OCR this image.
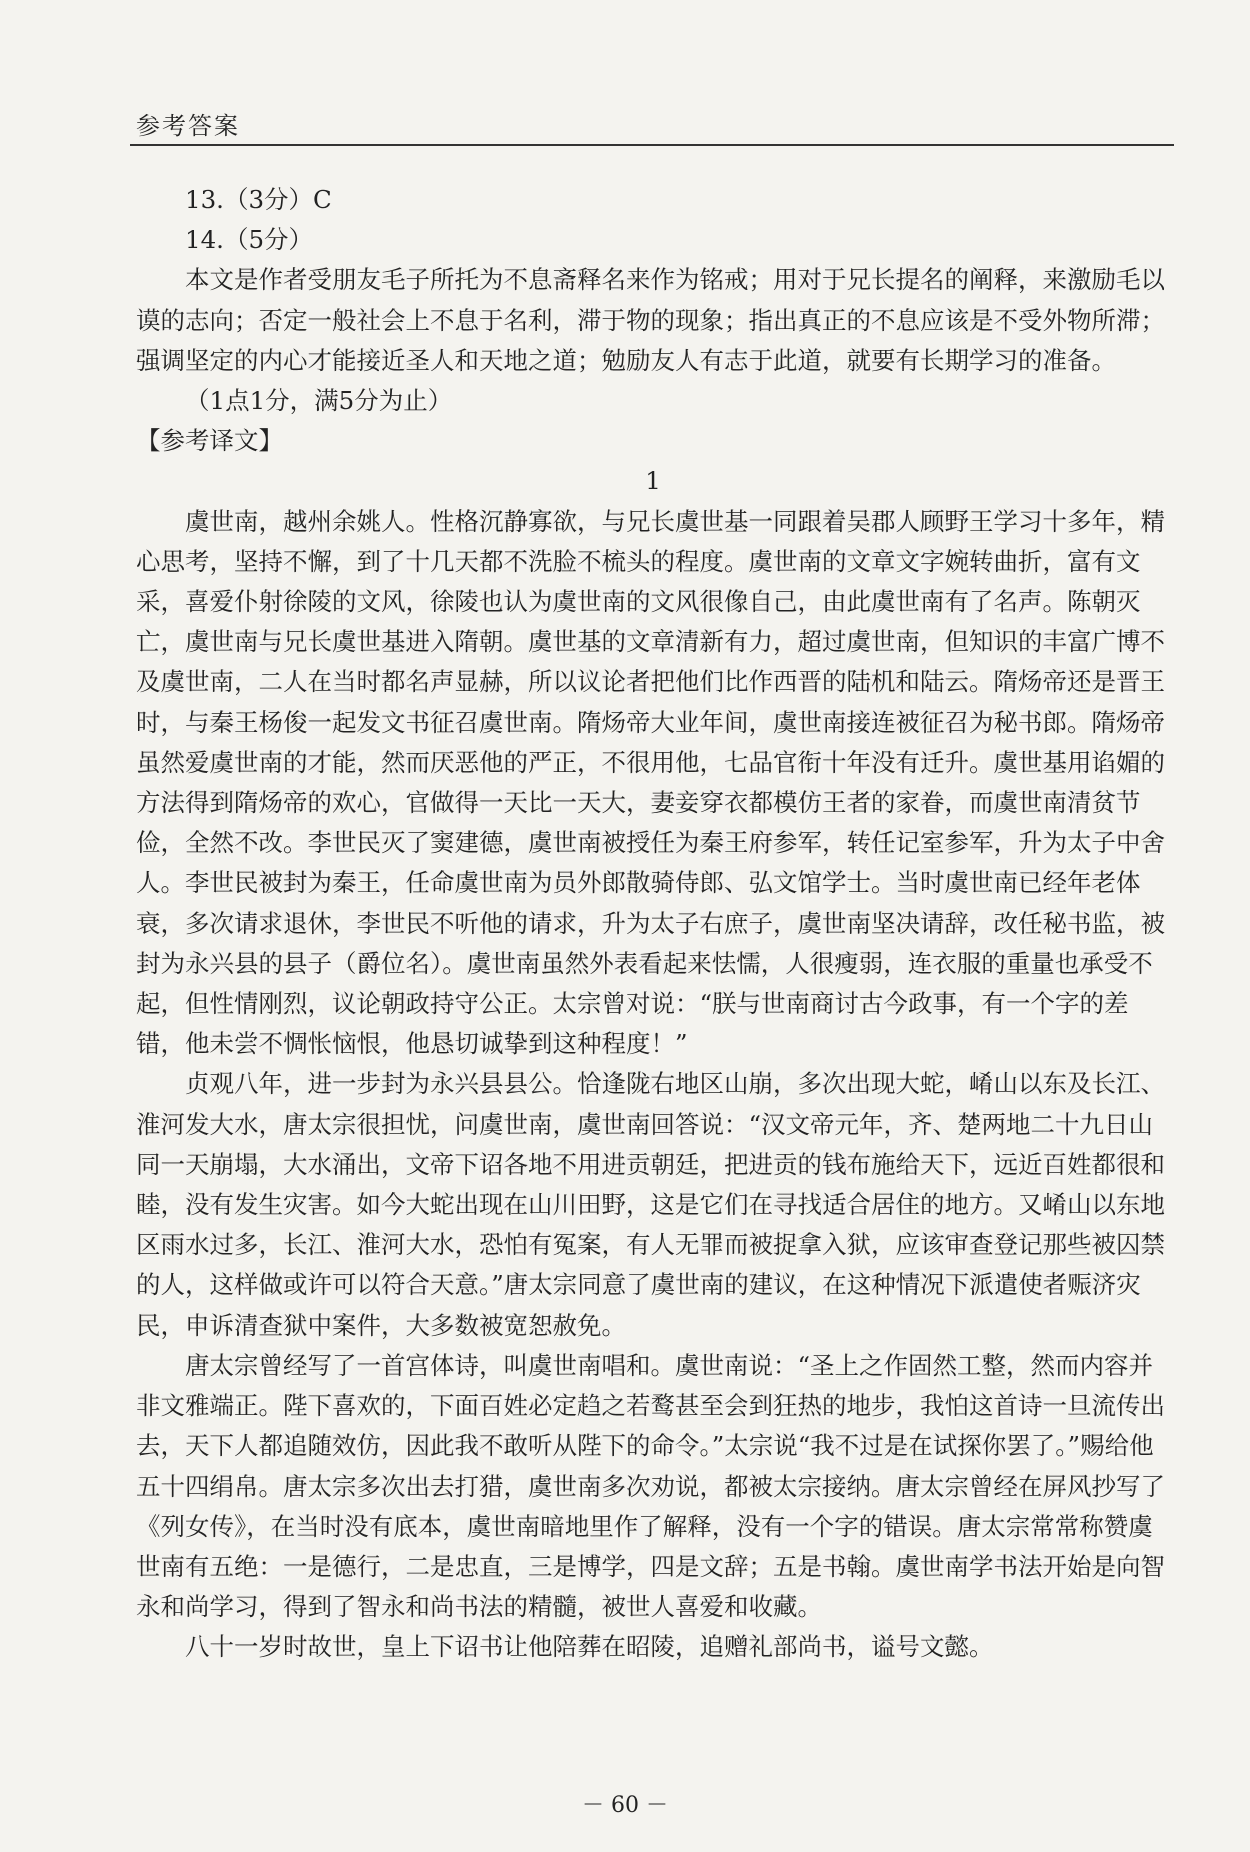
参考答案

13.（3分）C

14.（5分）

本文是作者受朋友毛子所托为不息斋释名来作为铭戒；用对于兄长提名的阐释，来激励毛以谟的志向；否定一般社会上不息于名利，滞于物的现象；指出真正的不息应该是不受外物所滞；强调坚定的内心才能接近圣人和天地之道；勉励友人有志于此道，就要有长期学习的准备。

（1点1分，满5分为止）

【参考译文】

1

虞世南，越州余姚人。性格沉静寡欲，与兄长虞世基一同跟着吴郡人顾野王学习十多年，精心思考，坚持不懈，到了十几天都不洗脸不梳头的程度。虞世南的文章文字婉转曲折，富有文采，喜爱仆射徐陵的文风，徐陵也认为虞世南的文风很像自己，由此虞世南有了名声。陈朝灭亡，虞世南与兄长虞世基进入隋朝。虞世基的文章清新有力，超过虞世南，但知识的丰富广博不及虞世南，二人在当时都名声显赫，所以议论者把他们比作西晋的陆机和陆云。隋炀帝还是晋王时，与秦王杨俊一起发文书征召虞世南。隋炀帝大业年间，虞世南接连被征召为秘书郎。隋炀帝虽然爱虞世南的才能，然而厌恶他的严正，不很用他，七品官衔十年没有迁升。虞世基用谄媚的方法得到隋炀帝的欢心，官做得一天比一天大，妻妾穿衣都模仿王者的家眷，而虞世南清贫节俭，全然不改。李世民灭了窦建德，虞世南被授任为秦王府参军，转任记室参军，升为太子中舍人。李世民被封为秦王，任命虞世南为员外郎散骑侍郎、弘文馆学士。当时虞世南已经年老体衰，多次请求退休，李世民不听他的请求，升为太子右庶子，虞世南坚决请辞，改任秘书监，被封为永兴县的县子（爵位名）。虞世南虽然外表看起来怯懦，人很瘦弱，连衣服的重量也承受不起，但性情刚烈，议论朝政持守公正。太宗曾对说：“朕与世南商讨古今政事，有一个字的差错，他未尝不惆怅恼恨，他恳切诚挚到这种程度！”

贞观八年，进一步封为永兴县县公。恰逢陇右地区山崩，多次出现大蛇，崤山以东及长江、淮河发大水，唐太宗很担忧，问虞世南，虞世南回答说：“汉文帝元年，齐、楚两地二十九日山同一天崩塌，大水涌出，文帝下诏各地不用进贡朝廷，把进贡的钱布施给天下，远近百姓都很和睦，没有发生灾害。如今大蛇出现在山川田野，这是它们在寻找适合居住的地方。又崤山以东地区雨水过多，长江、淮河大水，恐怕有冤案，有人无罪而被捉拿入狱，应该审查登记那些被囚禁的人，这样做或许可以符合天意。”唐太宗同意了虞世南的建议，在这种情况下派遣使者赈济灾民，申诉清查狱中案件，大多数被宽恕赦免。

唐太宗曾经写了一首宫体诗，叫虞世南唱和。虞世南说：“圣上之作固然工整，然而内容并非文雅端正。陛下喜欢的，下面百姓必定趋之若鹜甚至会到狂热的地步，我怕这首诗一旦流传出去，天下人都追随效仿，因此我不敢听从陛下的命令。”太宗说“我不过是在试探你罢了。”赐给他五十四绢帛。唐太宗多次出去打猎，虞世南多次劝说，都被太宗接纳。唐太宗曾经在屏风抄写了《列女传》，在当时没有底本，虞世南暗地里作了解释，没有一个字的错误。唐太宗常常称赞虞世南有五绝：一是德行，二是忠直，三是博学，四是文辞；五是书翰。虞世南学书法开始是向智永和尚学习，得到了智永和尚书法的精髓，被世人喜爱和收藏。

八十一岁时故世，皇上下诏书让他陪葬在昭陵，追赠礼部尚书，谥号文懿。

－ 60 －
